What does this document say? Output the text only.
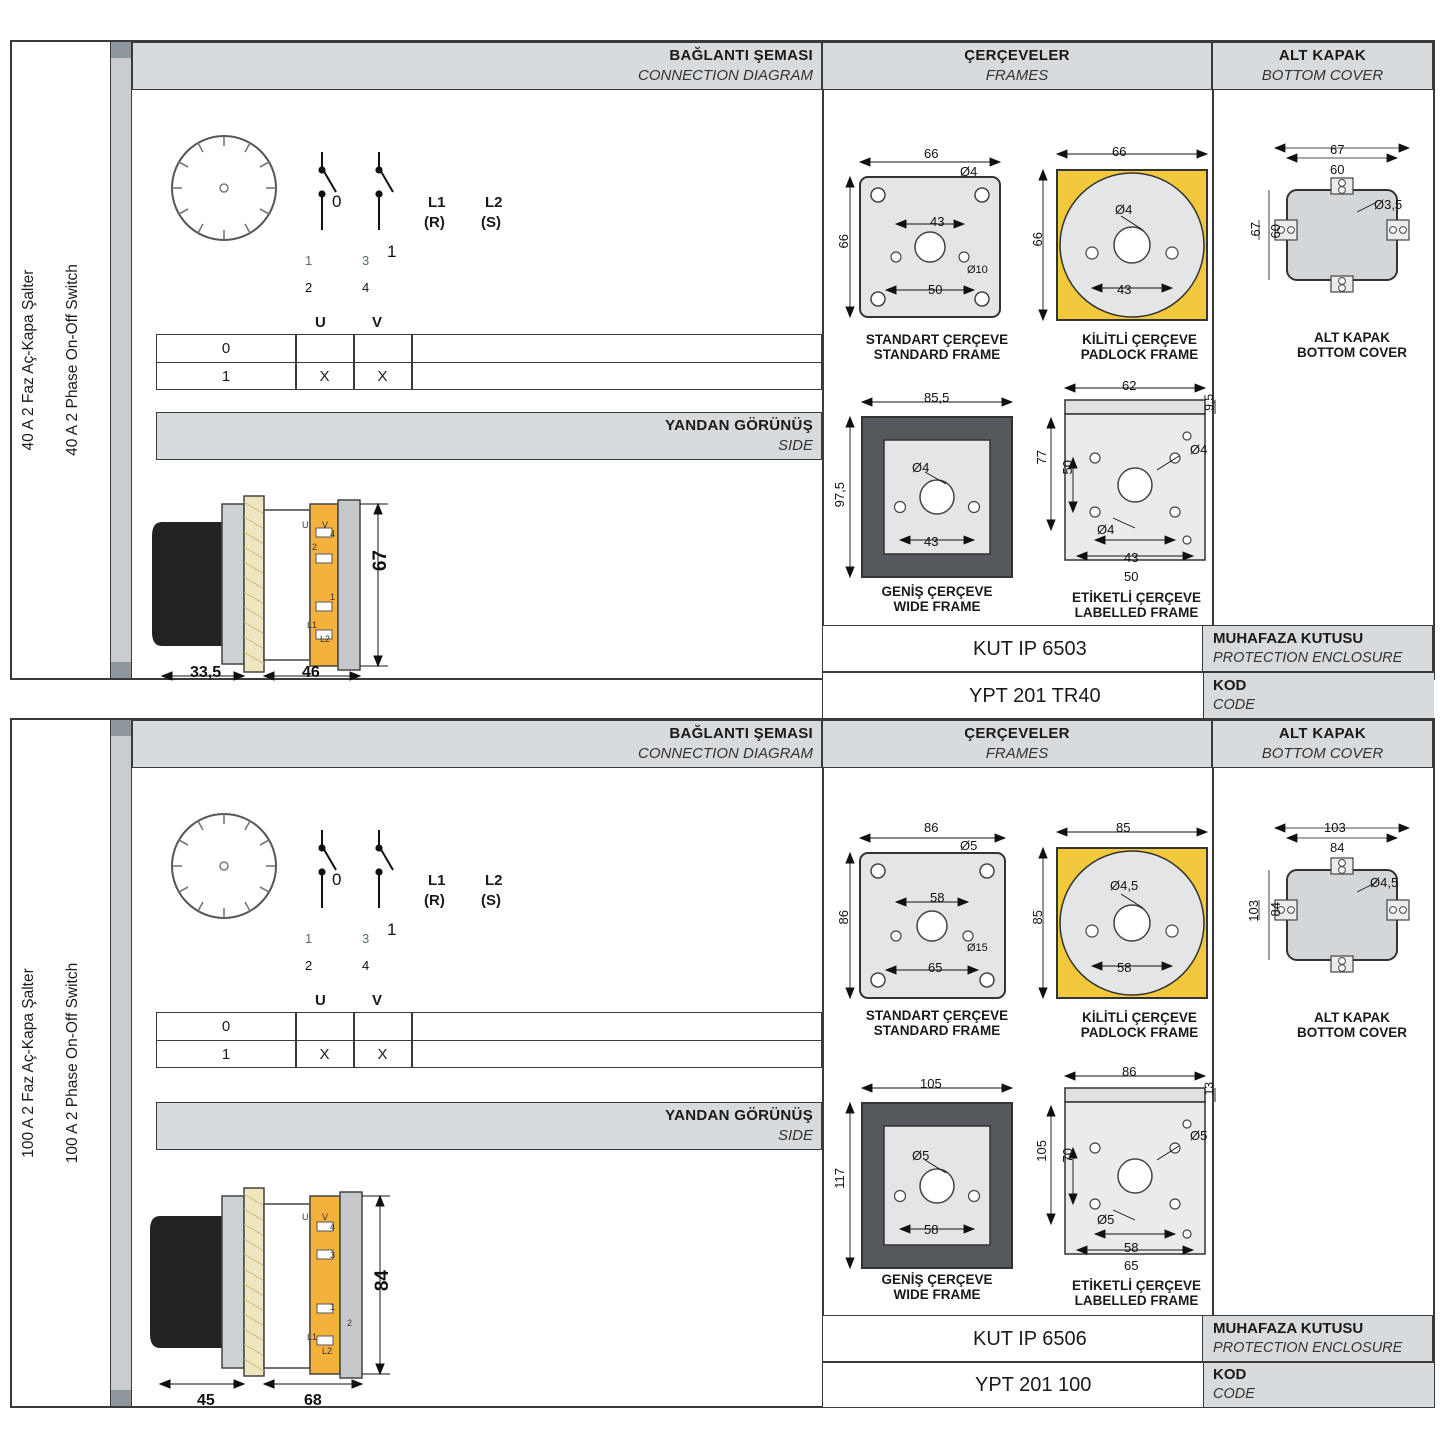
40 A 2 Faz Aç-Kapa Şalter 40 A 2 Phase On-Off Switch
BAĞLANTI ŞEMASI
CONNECTION DIAGRAM
ÇERÇEVELER
FRAMES
ALT KAPAK
BOTTOM COVER
0
1
L1
(R)
L2
(S)
1
2
3
4
U	V
0
1	X	X
YANDAN GÖRÜNÜŞ
SIDE
33,5	46
67
U V
4
2
1
L1
L2
66
66
43
50
Ø4
Ø10
STANDART ÇERÇEVE
STANDARD FRAME
66
66
Ø4
43
KİLİTLİ ÇERÇEVE
PADLOCK FRAME
85,5
97,5
Ø4
43
GENİŞ ÇERÇEVE
WIDE FRAME
62
9,5
77
50
Ø4
Ø4
43
50
ETİKETLİ ÇERÇEVE
LABELLED FRAME
67
60
67 60
Ø3,5
ALT KAPAK
BOTTOM COVER
KUT IP 6503	MUHAFAZA KUTUSU
PROTECTION ENCLOSURE
YPT 201 TR40	KOD
CODE
100 A 2 Faz Aç-Kapa Şalter 100 A 2 Phase On-Off Switch
BAĞLANTI ŞEMASI
CONNECTION DIAGRAM
ÇERÇEVELER
FRAMES
ALT KAPAK
BOTTOM COVER
0
1
L1
(R)
L2
(S)
1
2
3
4
U	V
0
1	X	X
YANDAN GÖRÜNÜŞ
SIDE
45	68
84
U V
4
3
1
2
L1
L2
86
86
58
65
Ø5
Ø15
STANDART ÇERÇEVE
STANDARD FRAME
85
85
Ø4,5
58
KİLİTLİ ÇERÇEVE
PADLOCK FRAME
105
117
Ø5
58
GENİŞ ÇERÇEVE
WIDE FRAME
86
13
105 70
Ø5
Ø5
58
65
ETİKETLİ ÇERÇEVE
LABELLED FRAME
103
84
103 84
Ø4,5
ALT KAPAK
BOTTOM COVER
KUT IP 6506	MUHAFAZA KUTUSU
PROTECTION ENCLOSURE
YPT 201 100	KOD
CODE
